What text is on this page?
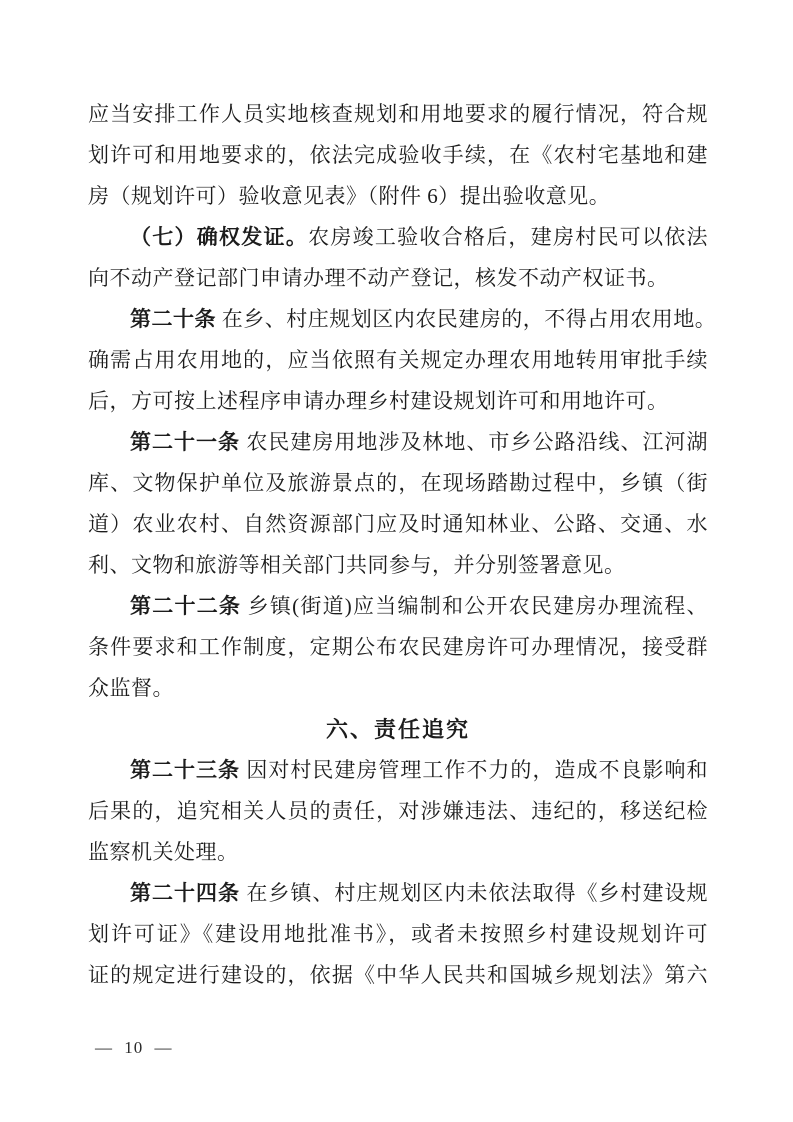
应当安排工作人员实地核查规划和用地要求的履行情况，符合规
划许可和用地要求的，依法完成验收手续，在《农村宅基地和建
房（规划许可）验收意见表》（附件 6）提出验收意见。
（七）确权发证。农房竣工验收合格后，建房村民可以依法
向不动产登记部门申请办理不动产登记，核发不动产权证书。
第二十条 在乡、村庄规划区内农民建房的，不得占用农用地。
确需占用农用地的，应当依照有关规定办理农用地转用审批手续
后，方可按上述程序申请办理乡村建设规划许可和用地许可。
第二十一条 农民建房用地涉及林地、市乡公路沿线、江河湖
库、文物保护单位及旅游景点的，在现场踏勘过程中，乡镇（街
道）农业农村、自然资源部门应及时通知林业、公路、交通、水
利、文物和旅游等相关部门共同参与，并分别签署意见。
第二十二条 乡镇(街道)应当编制和公开农民建房办理流程、
条件要求和工作制度，定期公布农民建房许可办理情况，接受群
众监督。
六、责任追究
第二十三条 因对村民建房管理工作不力的，造成不良影响和
后果的，追究相关人员的责任，对涉嫌违法、违纪的，移送纪检
监察机关处理。
第二十四条 在乡镇、村庄规划区内未依法取得《乡村建设规
划许可证》《建设用地批准书》，或者未按照乡村建设规划许可
证的规定进行建设的，依据《中华人民共和国城乡规划法》第六
— 10 —
